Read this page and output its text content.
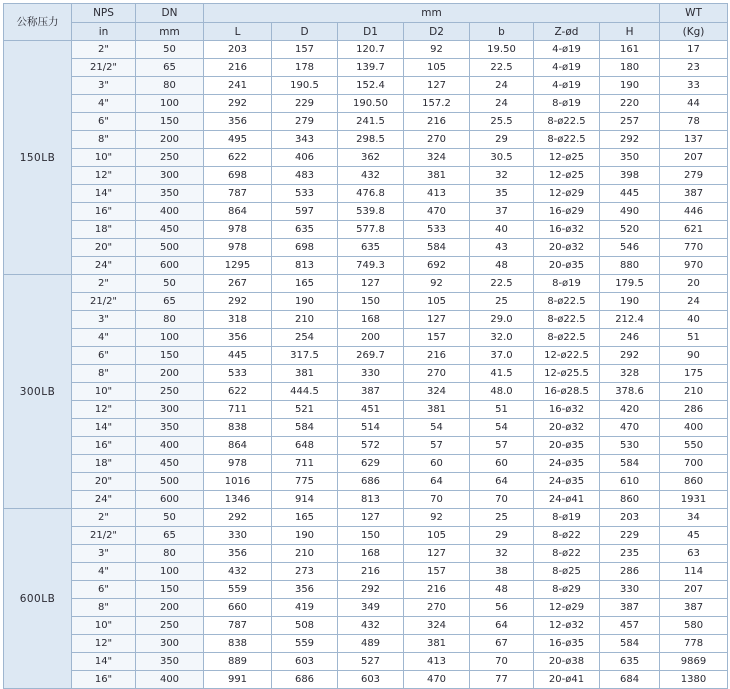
公称压力	NPS	DN	mm							WT
	in	mm	L	D	D1	D2	b	Z-ød	H	(Kg)
150LB	2"	50	203	157	120.7	92	19.50	4-ø19	161	17
	21/2"	65	216	178	139.7	105	22.5	4-ø19	180	23
	3"	80	241	190.5	152.4	127	24	4-ø19	190	33
	4"	100	292	229	190.50	157.2	24	8-ø19	220	44
	6"	150	356	279	241.5	216	25.5	8-ø22.5	257	78
	8"	200	495	343	298.5	270	29	8-ø22.5	292	137
	10"	250	622	406	362	324	30.5	12-ø25	350	207
	12"	300	698	483	432	381	32	12-ø25	398	279
	14"	350	787	533	476.8	413	35	12-ø29	445	387
	16"	400	864	597	539.8	470	37	16-ø29	490	446
	18"	450	978	635	577.8	533	40	16-ø32	520	621
	20"	500	978	698	635	584	43	20-ø32	546	770
	24"	600	1295	813	749.3	692	48	20-ø35	880	970
300LB	2"	50	267	165	127	92	22.5	8-ø19	179.5	20
	21/2"	65	292	190	150	105	25	8-ø22.5	190	24
	3"	80	318	210	168	127	29.0	8-ø22.5	212.4	40
	4"	100	356	254	200	157	32.0	8-ø22.5	246	51
	6"	150	445	317.5	269.7	216	37.0	12-ø22.5	292	90
	8"	200	533	381	330	270	41.5	12-ø25.5	328	175
	10"	250	622	444.5	387	324	48.0	16-ø28.5	378.6	210
	12"	300	711	521	451	381	51	16-ø32	420	286
	14"	350	838	584	514	54	54	20-ø32	470	400
	16"	400	864	648	572	57	57	20-ø35	530	550
	18"	450	978	711	629	60	60	24-ø35	584	700
	20"	500	1016	775	686	64	64	24-ø35	610	860
	24"	600	1346	914	813	70	70	24-ø41	860	1931
600LB	2"	50	292	165	127	92	25	8-ø19	203	34
	21/2"	65	330	190	150	105	29	8-ø22	229	45
	3"	80	356	210	168	127	32	8-ø22	235	63
	4"	100	432	273	216	157	38	8-ø25	286	114
	6"	150	559	356	292	216	48	8-ø29	330	207
	8"	200	660	419	349	270	56	12-ø29	387	387
	10"	250	787	508	432	324	64	12-ø32	457	580
	12"	300	838	559	489	381	67	16-ø35	584	778
	14"	350	889	603	527	413	70	20-ø38	635	9869
	16"	400	991	686	603	470	77	20-ø41	684	1380
